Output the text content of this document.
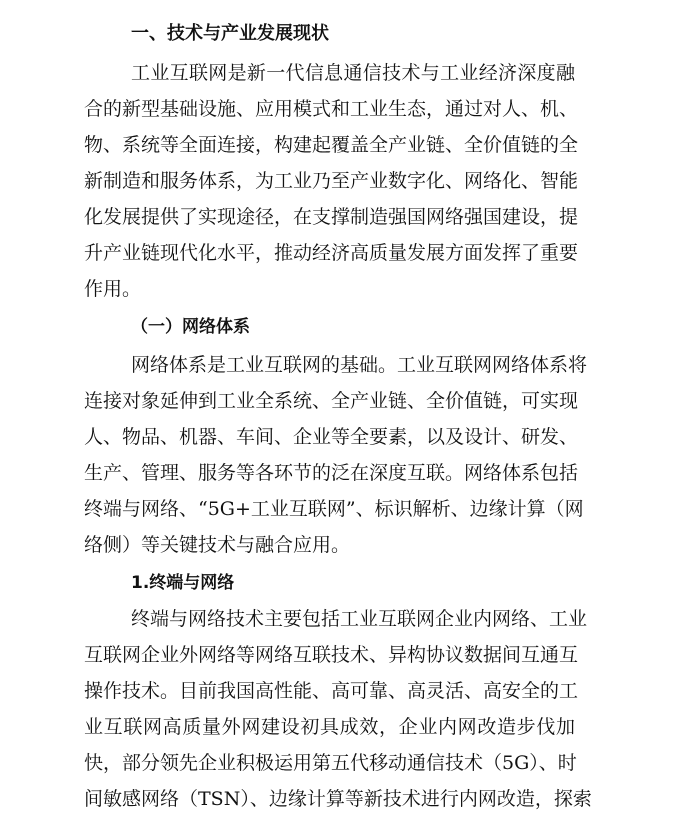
一、技术与产业发展现状
工业互联网是新一代信息通信技术与工业经济深度融
合的新型基础设施、应用模式和工业生态，通过对人、机、
物、系统等全面连接，构建起覆盖全产业链、全价值链的全
新制造和服务体系，为工业乃至产业数字化、网络化、智能
化发展提供了实现途径，在支撑制造强国网络强国建设，提
升产业链现代化水平，推动经济高质量发展方面发挥了重要
作用。
（一）网络体系
网络体系是工业互联网的基础。工业互联网网络体系将
连接对象延伸到工业全系统、全产业链、全价值链，可实现
人、物品、机器、车间、企业等全要素，以及设计、研发、
生产、管理、服务等各环节的泛在深度互联。网络体系包括
终端与网络、“5G+工业互联网”、标识解析、边缘计算（网
络侧）等关键技术与融合应用。
1.终端与网络
终端与网络技术主要包括工业互联网企业内网络、工业
互联网企业外网络等网络互联技术、异构协议数据间互通互
操作技术。目前我国高性能、高可靠、高灵活、高安全的工
业互联网高质量外网建设初具成效，企业内网改造步伐加
快，部分领先企业积极运用第五代移动通信技术（5G）、时
间敏感网络（TSN）、边缘计算等新技术进行内网改造，探索
